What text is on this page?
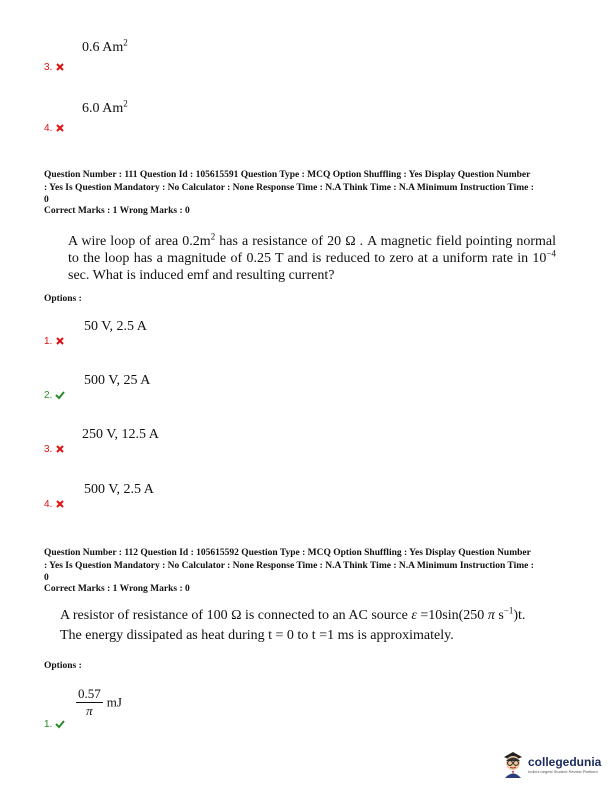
0.6 Am$^2$
3.
6.0 Am$^2$
4.
Question Number : 111 Question Id : 105615591 Question Type : MCQ Option Shuffling : Yes Display Question Number
: Yes Is Question Mandatory : No Calculator : None Response Time : N.A Think Time : N.A Minimum Instruction Time :
0
Correct Marks : 1 Wrong Marks : 0
A wire loop of area $0.2m^2$ has a resistance of 20 Ω . A magnetic field pointing normal to the loop has a magnitude of 0.25 T and is reduced to zero at a uniform rate in $10^{-4}$ sec. What is induced emf and resulting current?
Options :
50 V, 2.5 A
1.
500 V, 25 A
2.
250 V, 12.5 A
3.
500 V, 2.5 A
4.
Question Number : 112 Question Id : 105615592 Question Type : MCQ Option Shuffling : Yes Display Question Number
: Yes Is Question Mandatory : No Calculator : None Response Time : N.A Think Time : N.A Minimum Instruction Time :
0
Correct Marks : 1 Wrong Marks : 0
A resistor of resistance of 100 Ω is connected to an AC source ε =10sin(250 π $s^{-1})t$.
The energy dissipated as heat during t = 0 to t =1 ms is approximately.
Options :
$\frac{0.57}{\pi}$ mJ
1.
collegedunia
India's largest Student Review Platform
